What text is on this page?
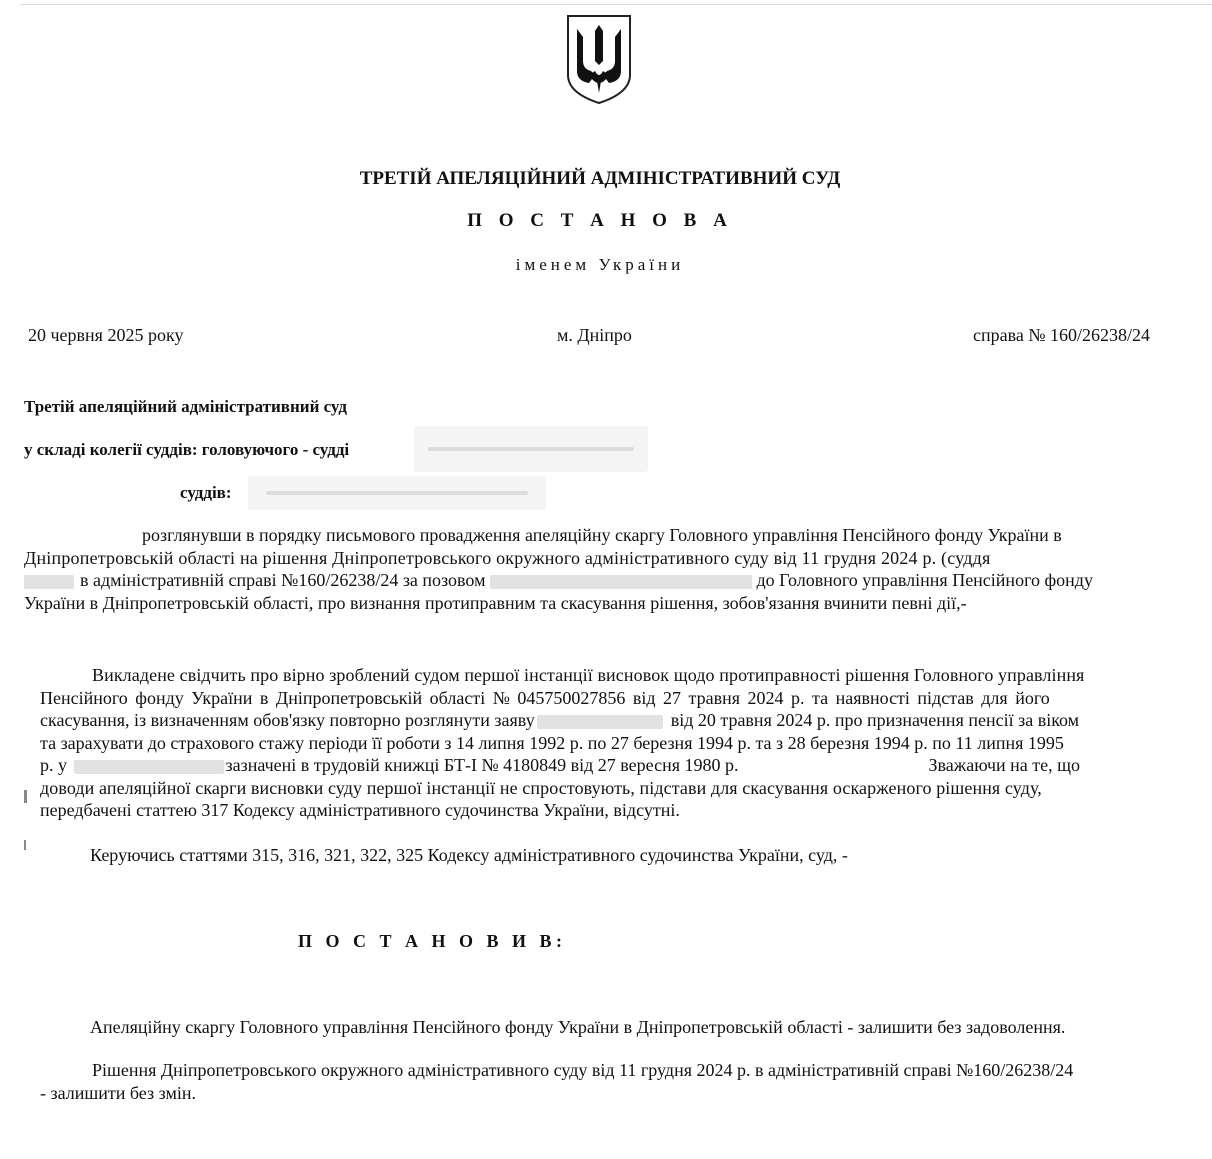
ТРЕТІЙ АПЕЛЯЦІЙНИЙ АДМІНІСТРАТИВНИЙ СУД
П О С Т А Н О В А
іменем України
20 червня 2025 року	м. Дніпро	справа № 160/26238/24
Третій апеляційний адміністративний суд
у складі колегії суддів: головуючого - судді
суддів:
розглянувши в порядку письмового провадження апеляційну скаргу Головного управління Пенсійного фонду України в
Дніпропетровській області на рішення Дніпропетровського окружного адміністративного суду від 11 грудня 2024 р. (суддя
в адміністративній справі №160/26238/24 за позовом	до Головного управління Пенсійного фонду
України в Дніпропетровській області, про визнання протиправним та скасування рішення, зобов'язання вчинити певні дії,-
Викладене свідчить про вірно зроблений судом першої інстанції висновок щодо протиправності рішення Головного управління
Пенсійного фонду України в Дніпропетровській області № 045750027856 від 27 травня 2024 р. та наявності підстав для його
скасування, із визначенням обов'язку повторно розглянути заяву	від 20 травня 2024 р. про призначення пенсії за віком
та зарахувати до страхового стажу періоди її роботи з 14 липня 1992 р. по 27 березня 1994 р. та з 28 березня 1994 р. по 11 липня 1995
р. у	зазначені в трудовій книжці БТ-І № 4180849 від 27 вересня 1980 р.	Зважаючи на те, що
доводи апеляційної скарги висновки суду першої інстанції не спростовують, підстави для скасування оскарженого рішення суду,
передбачені статтею 317 Кодексу адміністративного судочинства України, відсутні.
Керуючись статтями 315, 316, 321, 322, 325 Кодексу адміністративного судочинства України, суд, -
П О С Т А Н О В И В:
Апеляційну скаргу Головного управління Пенсійного фонду України в Дніпропетровській області - залишити без задоволення.
Рішення Дніпропетровського окружного адміністративного суду від 11 грудня 2024 р. в адміністративній справі №160/26238/24
- залишити без змін.
